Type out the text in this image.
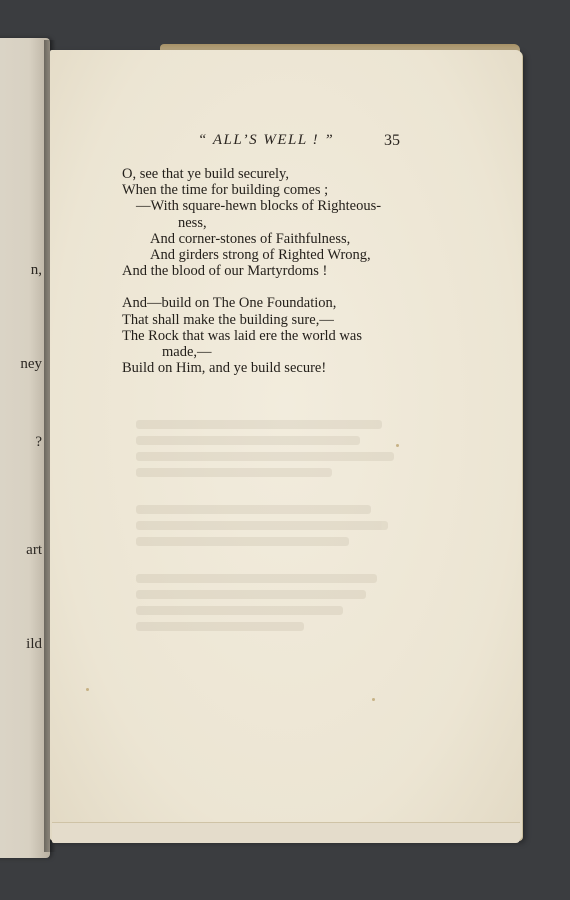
n,
ney
?
art
ild
“ ALL’S WELL ! ”	35
O, see that ye build securely,
When the time for building comes ;
—With square-hewn blocks of Righteous-
ness,
And corner-stones of Faithfulness,
And girders strong of Righted Wrong,
And the blood of our Martyrdoms !
And—build on The One Foundation,
That shall make the building sure,—
The Rock that was laid ere the world was
made,—
Build on Him, and ye build secure!
